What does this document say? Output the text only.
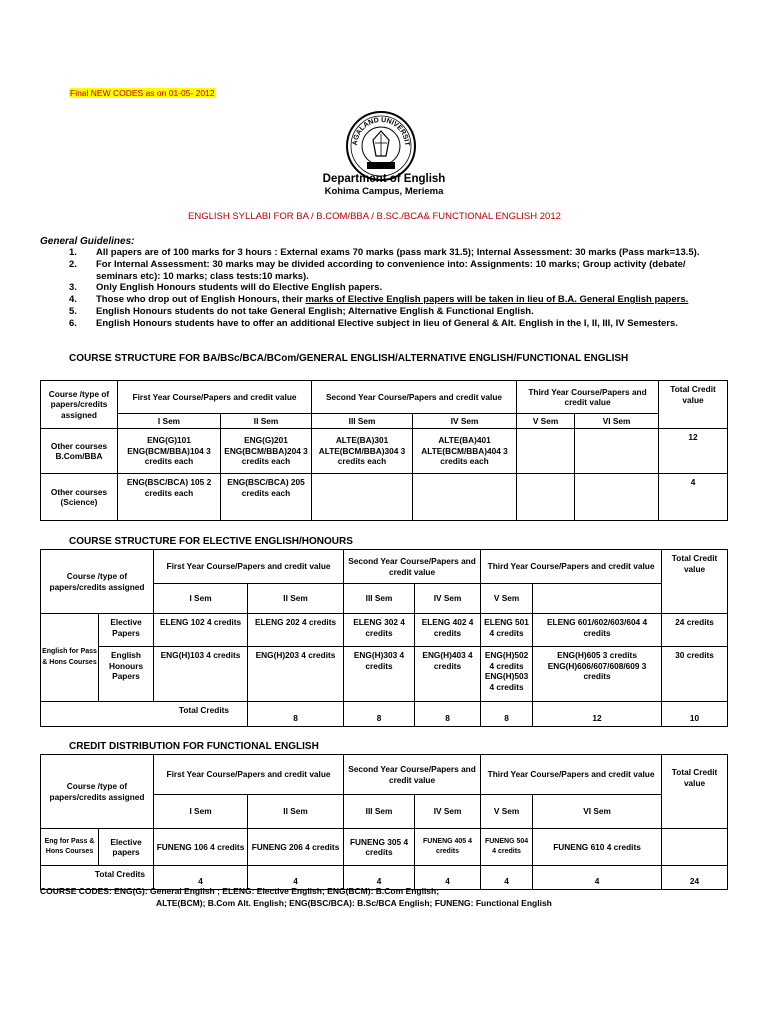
Final NEW CODES as on 01-05- 2012
AGALAND UNIVERSIT
Department of English
Kohima Campus, Meriema
ENGLISH SYLLABI FOR BA / B.COM/BBA / B.SC./BCA& FUNCTIONAL ENGLISH 2012
General Guidelines:
1.	All papers are of 100 marks for 3 hours : External exams 70 marks (pass mark 31.5); Internal Assessment: 30 marks (Pass mark=13.5).
2.	For Internal Assessment: 30 marks may be divided according to convenience into: Assignments: 10 marks; Group activity (debate/ seminars etc): 10 marks; class tests:10 marks).
3.	Only English Honours students will do Elective English papers.
4.	Those who drop out of English Honours, their marks of Elective English papers will be taken in lieu of B.A. General English papers.
5.	English Honours students do not take General English; Alternative English & Functional English.
6.	English Honours students have to offer an additional Elective subject in lieu of General & Alt. English in the I, II, III, IV Semesters.
COURSE STRUCTURE FOR BA/BSc/BCA/BCom/GENERAL ENGLISH/ALTERNATIVE ENGLISH/FUNCTIONAL ENGLISH
Course /type of papers/credits assigned	First Year Course/Papers and credit value		Second Year Course/Papers and credit value		Third Year Course/Papers and credit value		Total Credit value
	I Sem	II Sem	III Sem	IV Sem	V Sem	VI Sem	
Other courses B.Com/BBA	ENG(G)101 ENG(BCM/BBA)104 3 credits each	ENG(G)201 ENG(BCM/BBA)204 3 credits each	ALTE(BA)301 ALTE(BCM/BBA)304 3 credits each	ALTE(BA)401 ALTE(BCM/BBA)404 3 credits each			12
Other courses (Science)	ENG(BSC/BCA) 105 2 credits each	ENG(BSC/BCA) 205 credits each					4
COURSE STRUCTURE FOR ELECTIVE ENGLISH/HONOURS
Course /type of papers/credits assigned		First Year Course/Papers and credit value		Second Year Course/Papers and credit value		Third Year Course/Papers and credit value		Total Credit value	
		I Sem	II Sem	III Sem	IV Sem	V Sem			
English for Pass & Hons Courses	Elective Papers	ELENG 102 4 credits	ELENG 202 4 credits	ELENG 302 4 credits	ELENG 402 4 credits	ELENG 501 4 credits	ELENG 601/602/603/604 4 credits	24 credits	
	English Honours Papers	ENG(H)103 4 credits	ENG(H)203 4 credits	ENG(H)303 4 credits	ENG(H)403 4 credits	ENG(H)502 4 credits ENG(H)503 4 credits	ENG(H)605 3 credits ENG(H)606/607/608/609 3 credits	30 credits	
Total Credits			8	8	8	8	12	10	
CREDIT DISTRIBUTION FOR FUNCTIONAL ENGLISH
Course /type of papers/credits assigned		First Year Course/Papers and credit value		Second Year Course/Papers and credit value		Third Year Course/Papers and credit value		Total Credit value
		I Sem	II Sem	III Sem	IV Sem	V Sem	VI Sem	
Eng for Pass & Hons Courses	Elective papers	FUNENG 106 4 credits	FUNENG 206 4 credits	FUNENG 305 4 credits	FUNENG 405 4 credits	FUNENG 504 4 credits	FUNENG 610 4 credits	
Total Credits		4	4	4	4	4	4	24
COURSE CODES: ENG(G): General English ; ELENG: Elective English; ENG(BCM): B.Com English;
ALTE(BCM); B.Com Alt. English; ENG(BSC/BCA): B.Sc/BCA English; FUNENG: Functional English
